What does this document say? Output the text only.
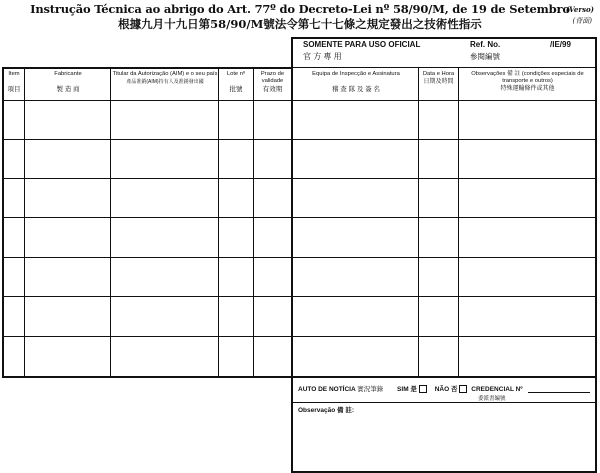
Instrução Técnica ao abrigo do Art. 77º do Decreto-Lei nº 58/90/M, de 19 de Setembro
根據九月十九日第58/90/M號法令第七十七條之規定發出之技術性指示
(Verso)
(背面)
SOMENTE PARA USO OFICIAL
官 方 專 用
Ref. No.
參閱編號
/IE/99
Item
項目
Fabricante
製 造 商
Titular da Autorização (AIM) e o seu país
產品准銷(AIM)持有人及准銷發出國
Lote nº
批號
Prazo de validade
有效期
Equipa de Inspecção e Assinatura
稽 查 隊 及 簽 名
Data e Hora
日期及時間
Observações 備 註 (condições especiais de transporte e outros)
特殊運輸條件或其他
AUTO DE NOTÍCIA 實況筆錄 SIM 是	NÃO 否 CREDENCIAL Nº
委派書編號
Observação 備 註:
